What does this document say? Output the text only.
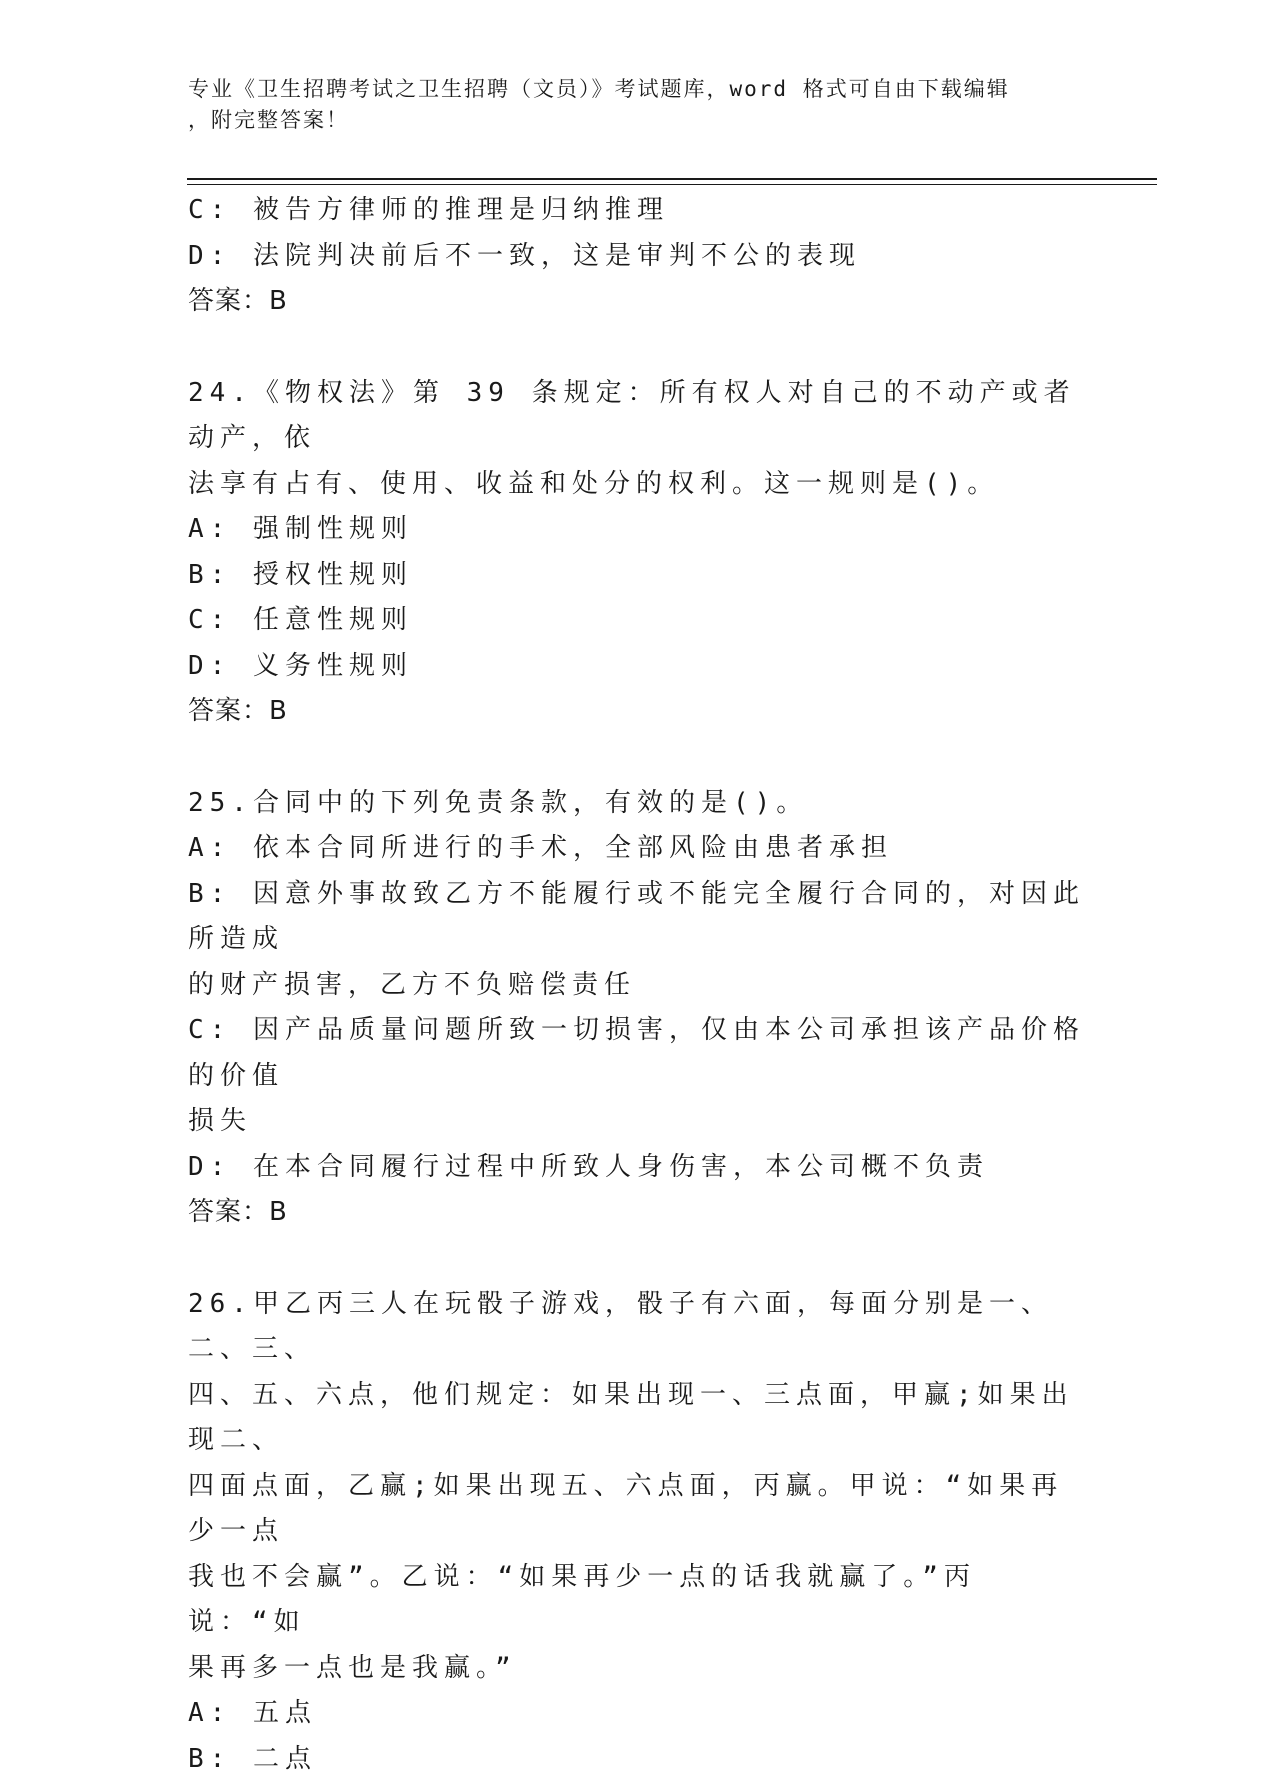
专业《卫生招聘考试之卫生招聘（文员）》考试题库，word 格式可自由下载编辑
，附完整答案！

C: 被告方律师的推理是归纳推理

D: 法院判决前后不一致，这是审判不公的表现

答案：B

24.《物权法》第 39 条规定：所有权人对自己的不动产或者动产，依

法享有占有、使用、收益和处分的权利。这一规则是()。

A: 强制性规则

B: 授权性规则

C: 任意性规则

D: 义务性规则

答案：B

25.合同中的下列免责条款，有效的是()。

A: 依本合同所进行的手术，全部风险由患者承担

B: 因意外事故致乙方不能履行或不能完全履行合同的，对因此所造成

的财产损害，乙方不负赔偿责任

C: 因产品质量问题所致一切损害，仅由本公司承担该产品价格的价值

损失

D: 在本合同履行过程中所致人身伤害，本公司概不负责

答案：B

26.甲乙丙三人在玩骰子游戏，骰子有六面，每面分别是一、二、三、

四、五、六点，他们规定：如果出现一、三点面，甲赢;如果出现二、

四面点面，乙赢;如果出现五、六点面，丙赢。甲说：“如果再少一点

我也不会赢”。乙说：“如果再少一点的话我就赢了。”丙说：“如

果再多一点也是我赢。”

A: 五点

B: 二点
